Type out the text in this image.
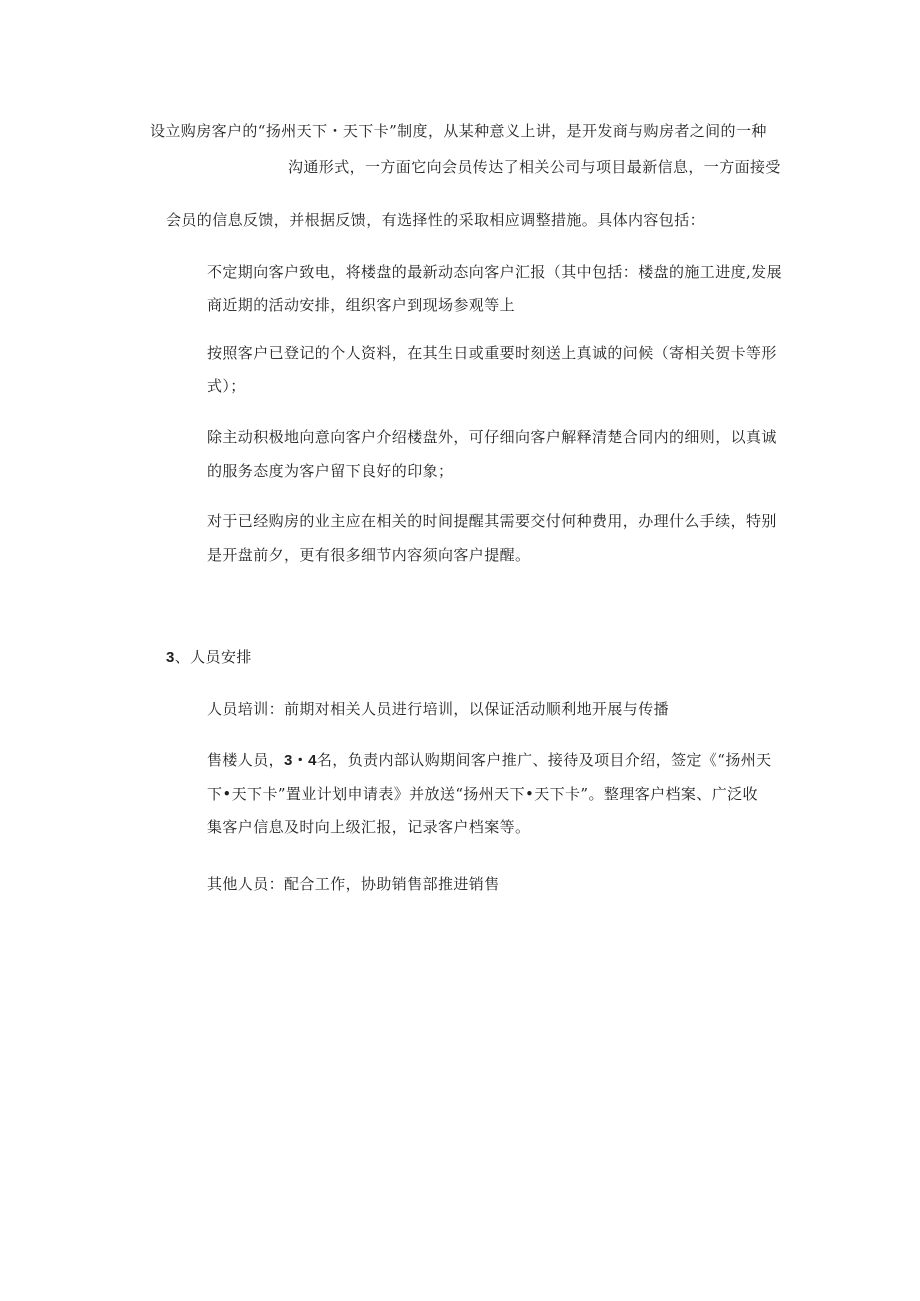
设立购房客户的“扬州天下・天下卡”制度，从某种意义上讲，是开发商与购房者之间的一种
沟通形式，一方面它向会员传达了相关公司与项目最新信息，一方面接受
会员的信息反馈，并根据反馈，有选择性的采取相应调整措施。具体内容包括：
不定期向客户致电，将楼盘的最新动态向客户汇报（其中包括：楼盘的施工进度,发展
商近期的活动安排，组织客户到现场参观等上
按照客户已登记的个人资料，在其生日或重要时刻送上真诚的问候（寄相关贺卡等形
式）；
除主动积极地向意向客户介绍楼盘外，可仔细向客户解释清楚合同内的细则，以真诚
的服务态度为客户留下良好的印象；
对于已经购房的业主应在相关的时间提醒其需要交付何种费用，办理什么手续，特别
是开盘前夕，更有很多细节内容须向客户提醒。
3、人员安排
人员培训：前期对相关人员进行培训，以保证活动顺利地开展与传播
售楼人员，3・4名，负责内部认购期间客户推广、接待及项目介绍，签定《“扬州天
下•天下卡”置业计划申请表》并放送“扬州天下•天下卡”。整理客户档案、广泛收
集客户信息及时向上级汇报，记录客户档案等。
其他人员：配合工作，协助销售部推进销售
